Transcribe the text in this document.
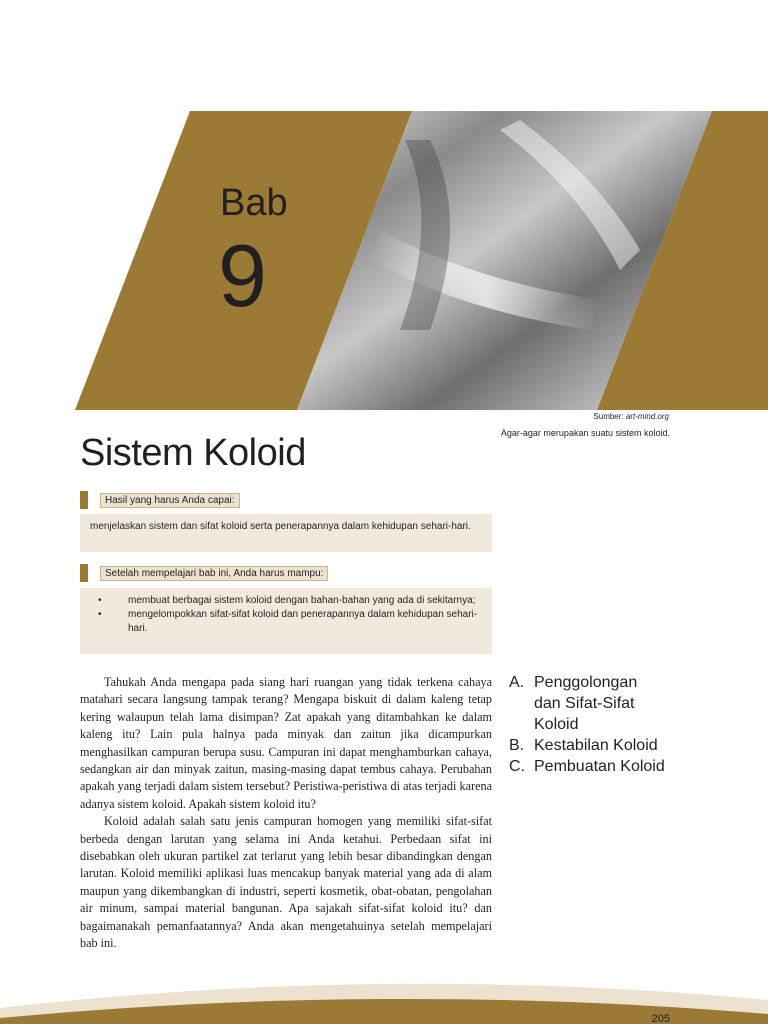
Bab
9
Sumber: art-mind.org
Agar-agar merupakan suatu sistem koloid.
Sistem Koloid
Hasil yang harus Anda capai:
menjelaskan sistem dan sifat koloid serta penerapannya dalam kehidupan sehari-hari.
Setelah mempelajari bab ini, Anda harus mampu:
• membuat berbagai sistem koloid dengan bahan-bahan yang ada di sekitarnya;
• mengelompokkan sifat-sifat koloid dan penerapannya dalam kehidupan sehari-hari.

Tahukah Anda mengapa pada siang hari ruangan yang tidak terkena cahaya matahari secara langsung tampak terang? Mengapa biskuit di dalam kaleng tetap kering walaupun telah lama disimpan? Zat apakah yang ditambahkan ke dalam kaleng itu? Lain pula halnya pada minyak dan zaitun jika dicampurkan menghasilkan campuran berupa susu. Campuran ini dapat menghamburkan cahaya, sedangkan air dan minyak zaitun, masing-masing dapat tembus cahaya. Perubahan apakah yang terjadi dalam sistem tersebut? Peristiwa-peristiwa di atas terjadi karena adanya sistem koloid. Apakah sistem koloid itu?

Koloid adalah salah satu jenis campuran homogen yang memiliki sifat-sifat berbeda dengan larutan yang selama ini Anda ketahui. Perbedaan sifat ini disebabkan oleh ukuran partikel zat terlarut yang lebih besar dibandingkan dengan larutan. Koloid memiliki aplikasi luas mencakup banyak material yang ada di alam maupun yang dikembangkan di industri, seperti kosmetik, obat-obatan, pengolahan air minum, sampai material bangunan. Apa sajakah sifat-sifat koloid itu? dan bagaimanakah pemanfaatannya? Anda akan mengetahuinya setelah mempelajari bab ini.

A. Penggolongan dan Sifat-Sifat Koloid
B. Kestabilan Koloid
C. Pembuatan Koloid
205
